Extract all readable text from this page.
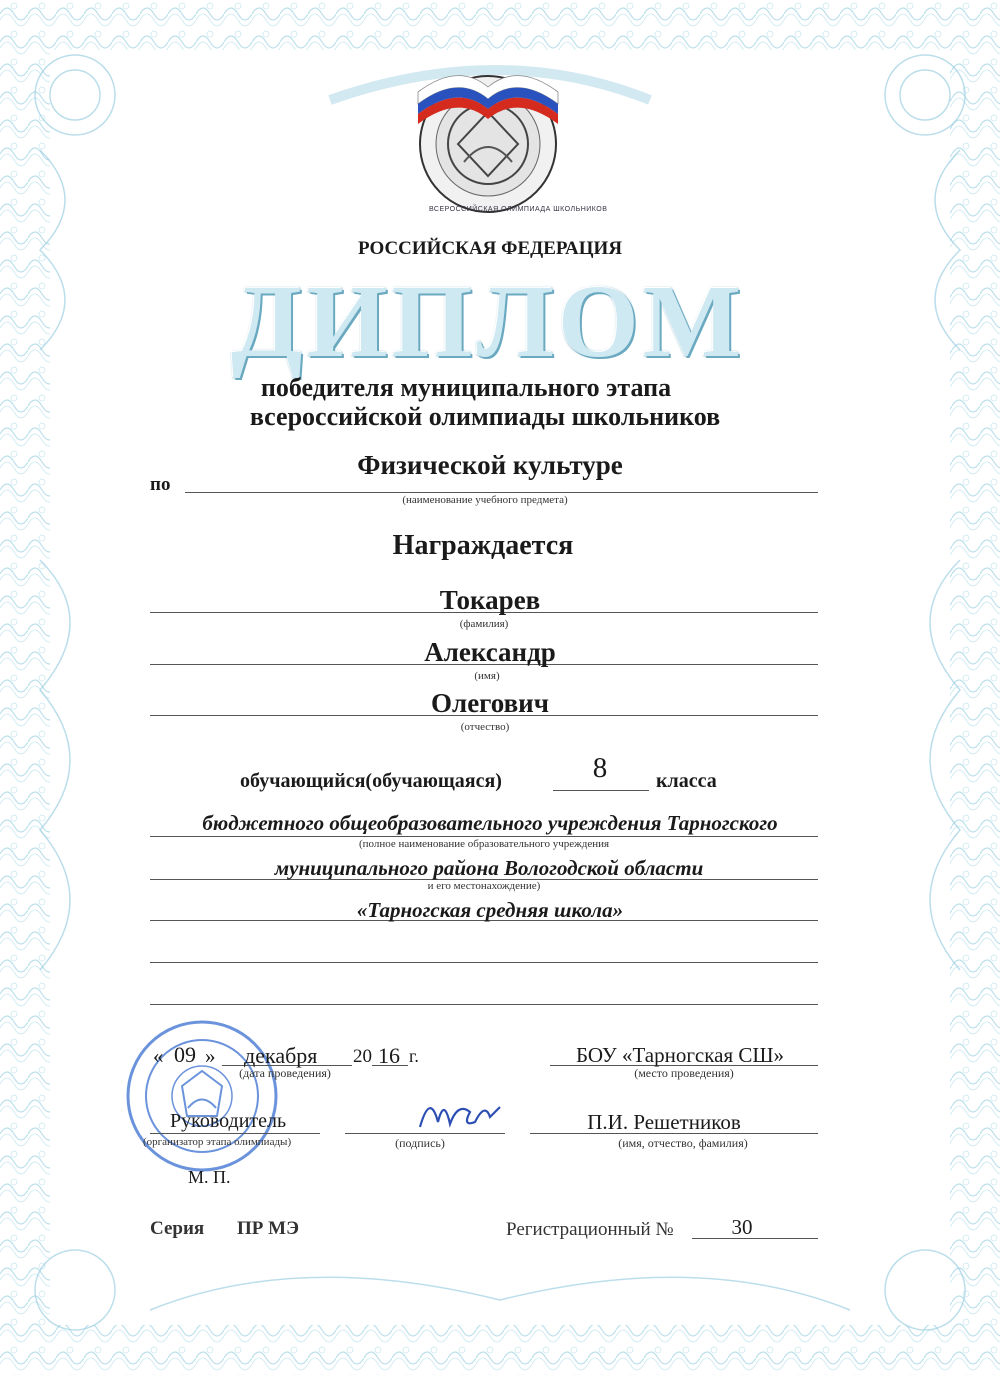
ВСЕРОССИЙСКАЯ ОЛИМПИАДА ШКОЛЬНИКОВ
РОССИЙСКАЯ ФЕДЕРАЦИЯ
ДИПЛОМ
победителя муниципального этапа
всероссийской олимпиады школьников
по
Физической культуре
(наименование учебного предмета)
Награждается
Токарев
(фамилия)
Александр
(имя)
Олегович
(отчество)
обучающийся(обучающаяся)	8 класса
бюджетного общеобразовательного учреждения Тарногского
(полное наименование образовательного учреждения
муниципального района Вологодской области
и его местонахождение)
«Тарногская средняя школа»
« 09 » декабря 20 16 г.
(дата проведения)
БОУ «Тарногская СШ»
(место проведения)
Руководитель
(организатор этапа олимпиады)	(подпись)
П.И. Решетников
(имя, отчество, фамилия)
М. П.
Серия ПР МЭ	Регистрационный №	30
